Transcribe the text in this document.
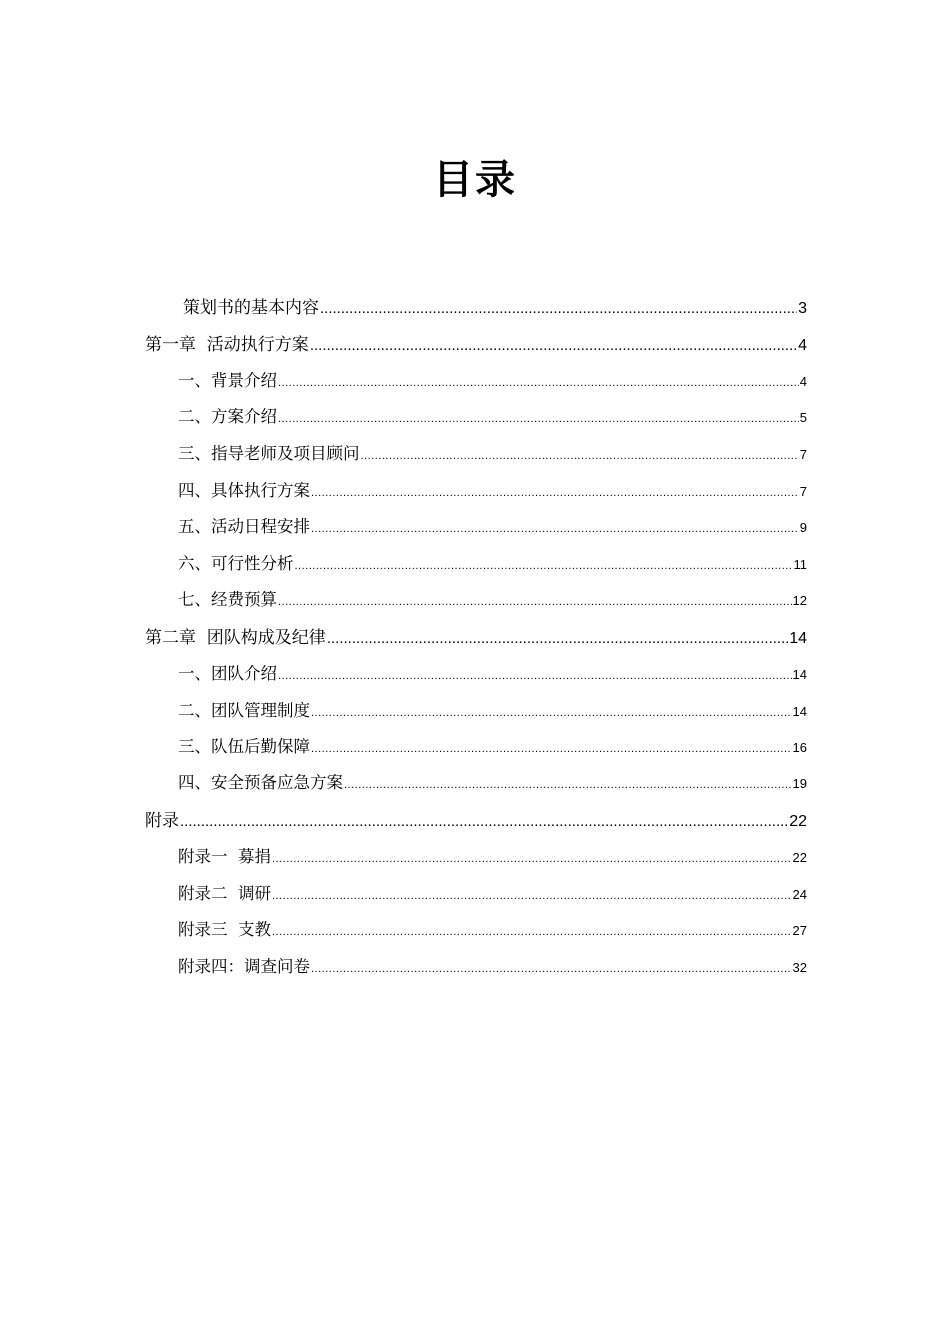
目录
策划书的基本内容 .....	3
第一章  活动执行方案 .....	4
一、背景介绍 .....	4
二、方案介绍 .....	5
三、指导老师及项目顾问 .....	7
四、具体执行方案 .....	7
五、活动日程安排 .....	9
六、可行性分析 .....	11
七、经费预算 .....	12
第二章  团队构成及纪律 .....	14
一、团队介绍 .....	14
二、团队管理制度 .....	14
三、队伍后勤保障 .....	16
四、安全预备应急方案 .....	19
附录 .....	22
附录一  募捐 .....	22
附录二  调研 .....	24
附录三  支教 .....	27
附录四：调查问卷 .....	32
